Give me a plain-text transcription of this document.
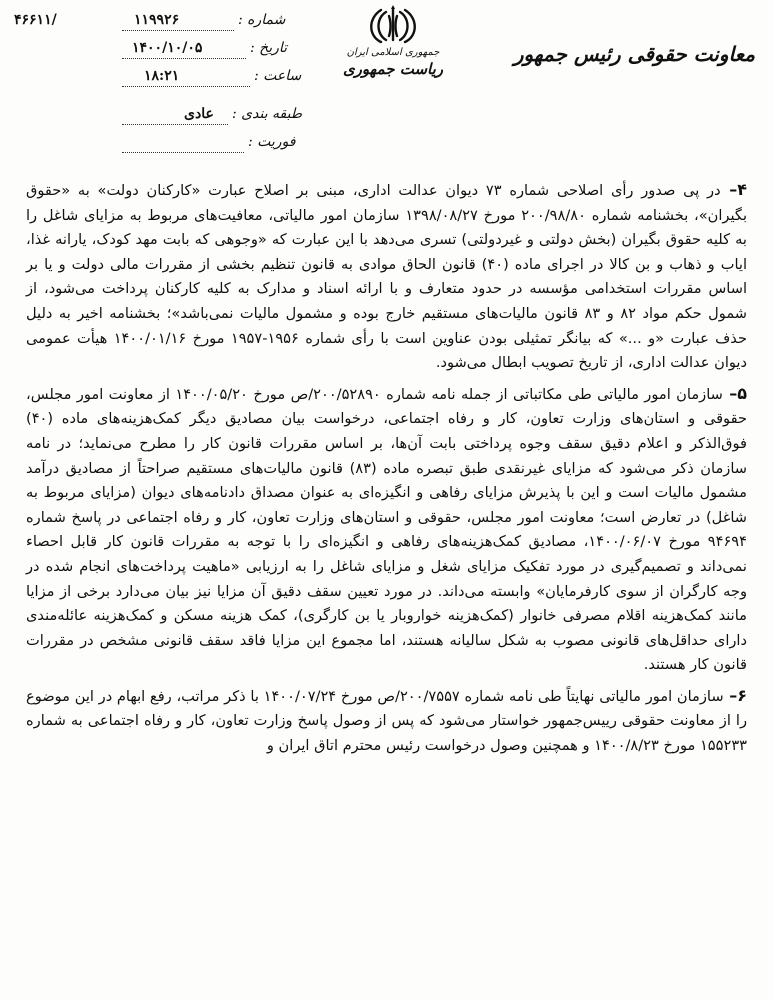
معاونت حقوقی رئیس جمهور
جمهوری اسلامی ایران
ریاست جمهوری
۴۶۶۱۱/	شماره :
۱۱۹۹۲۶
تاریخ :
۱۴۰۰/۱۰/۰۵
ساعت :
۱۸:۲۱
طبقه بندی :
عادی
فوریت :

۴– در پی صدور رأی اصلاحی شماره ۷۳ دیوان عدالت اداری، مبنی بر اصلاح عبارت «کارکنان دولت» به «حقوق بگیران»، بخشنامه شماره ۲۰۰/۹۸/۸۰ مورخ ۱۳۹۸/۰۸/۲۷ سازمان امور مالیاتی، معافیت‌های مربوط به مزایای شاغل را به کلیه حقوق بگیران (بخش دولتی و غیردولتی) تسری می‌دهد با این عبارت که «وجوهی که بابت مهد کودک، یارانه غذا، ایاب و ذهاب و بن کالا در اجرای ماده (۴۰) قانون الحاق موادی به قانون تنظیم بخشی از مقررات مالی دولت و یا بر اساس مقررات استخدامی مؤسسه در حدود متعارف و با ارائه اسناد و مدارک به کلیه کارکنان پرداخت می‌شود، از شمول حکم مواد ۸۲ و ۸۳ قانون مالیات‌های مستقیم خارج بوده و مشمول مالیات نمی‌باشد»؛ بخشنامه اخیر به دلیل حذف عبارت «و ...» که بیانگر تمثیلی بودن عناوین است با رأی شماره ۱۹۵۶-۱۹۵۷ مورخ ۱۴۰۰/۰۱/۱۶ هیأت عمومی دیوان عدالت اداری، از تاریخ تصویب ابطال می‌شود.

۵– سازمان امور مالیاتی طی مکاتباتی از جمله نامه شماره ۲۰۰/۵۲۸۹۰/ص مورخ ۱۴۰۰/۰۵/۲۰ از معاونت امور مجلس، حقوقی و استان‌های وزارت تعاون، کار و رفاه اجتماعی، درخواست بیان مصادیق دیگر کمک‌هزینه‌های ماده (۴۰) فوق‌الذکر و اعلام دقیق سقف وجوه پرداختی بابت آن‌ها، بر اساس مقررات قانون کار را مطرح می‌نماید؛ در نامه سازمان ذکر می‌شود که مزایای غیرنقدی طبق تبصره ماده (۸۳) قانون مالیات‌های مستقیم صراحتاً از مصادیق درآمد مشمول مالیات است و این با پذیرش مزایای رفاهی و انگیزه‌ای به عنوان مصداق دادنامه‌های دیوان (مزایای مربوط به شاغل) در تعارض است؛ معاونت امور مجلس، حقوقی و استان‌های وزارت تعاون، کار و رفاه اجتماعی در پاسخ شماره ۹۴۶۹۴ مورخ ۱۴۰۰/۰۶/۰۷، مصادیق کمک‌هزینه‌های رفاهی و انگیزه‌ای را با توجه به مقررات قانون کار قابل احصاء نمی‌داند و تصمیم‌گیری در مورد تفکیک مزایای شغل و مزایای شاغل را به ارزیابی «ماهیت پرداخت‌های انجام شده در وجه کارگران از سوی کارفرمایان» وابسته می‌داند. در مورد تعیین سقف دقیق آن مزایا نیز بیان می‌دارد برخی از مزایا مانند کمک‌هزینه اقلام مصرفی خانوار (کمک‌هزینه خواروبار یا بن کارگری)، کمک هزینه مسکن و کمک‌هزینه عائله‌مندی دارای حداقل‌های قانونی مصوب به شکل سالیانه هستند، اما مجموع این مزایا فاقد سقف قانونی مشخص در مقررات قانون کار هستند.

۶– سازمان امور مالیاتی نهایتاً طی نامه شماره ۲۰۰/۷۵۵۷/ص مورخ ۱۴۰۰/۰۷/۲۴ با ذکر مراتب، رفع ابهام در این موضوع را از معاونت حقوقی رییس‌جمهور خواستار می‌شود که پس از وصول پاسخ وزارت تعاون، کار و رفاه اجتماعی به شماره ۱۵۵۲۳۳ مورخ ۱۴۰۰/۸/۲۳ و همچنین وصول درخواست رئیس محترم اتاق ایران و
